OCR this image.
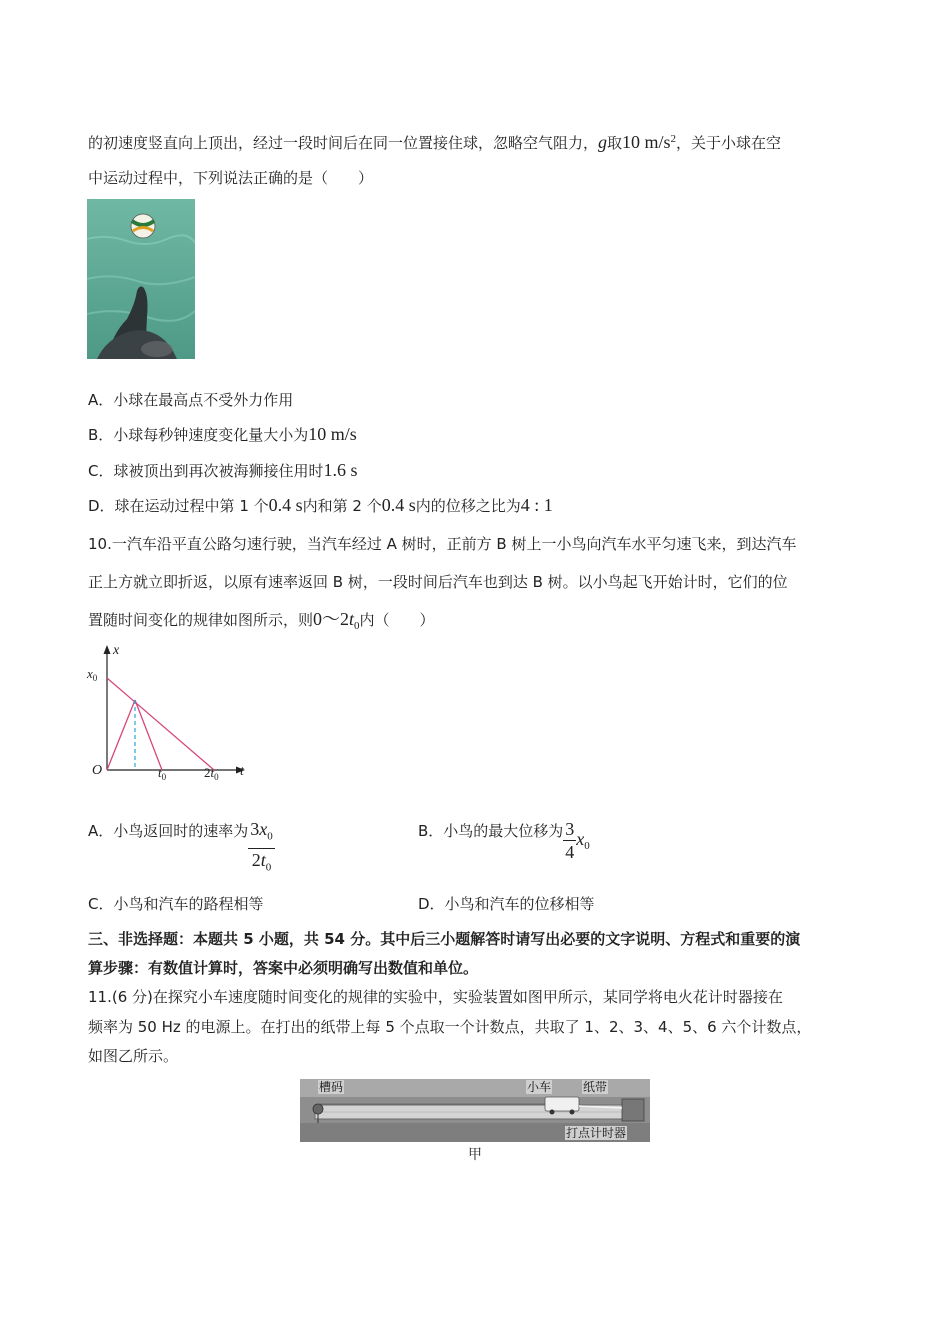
的初速度竖直向上顶出，经过一段时间后在同一位置接住球，忽略空气阻力，g取10 $m/s^2$，关于小球在空
中运动过程中，下列说法正确的是（　　）
A．小球在最高点不受外力作用
B．小球每秒钟速度变化量大小为10 m/s
C．球被顶出到再次被海狮接住用时1.6 s
D．球在运动过程中第 1 个0.4 s内和第 2 个0.4 s内的位移之比为4 : 1
10.一汽车沿平直公路匀速行驶，当汽车经过 A 树时，正前方 B 树上一小鸟向汽车水平匀速飞来，到达汽车
正上方就立即折返，以原有速率返回 B 树，一段时间后汽车也到达 B 树。以小鸟起飞开始计时，它们的位
置随时间变化的规律如图所示，则$0\sim 2t_0$内（　　）
x
t
$x_0$
O	$t_0$	$2t_0$
A．小鸟返回时的速率为 $\frac{3x_0}{2t_0}$	B．小鸟的最大位移为 $\frac{3}{4} x_0$
C．小鸟和汽车的路程相等	D．小鸟和汽车的位移相等
三、非选择题：本题共 5 小题，共 54 分。其中后三小题解答时请写出必要的文字说明、方程式和重要的演
算步骤：有数值计算时，答案中必须明确写出数值和单位。
11.(6 分)在探究小车速度随时间变化的规律的实验中，实验装置如图甲所示，某同学将电火花计时器接在
频率为 50 Hz 的电源上。在打出的纸带上每 5 个点取一个计数点，共取了 1、2、3、4、5、6 六个计数点，
如图乙所示。
槽码	小车	纸带
打点计时器
甲
